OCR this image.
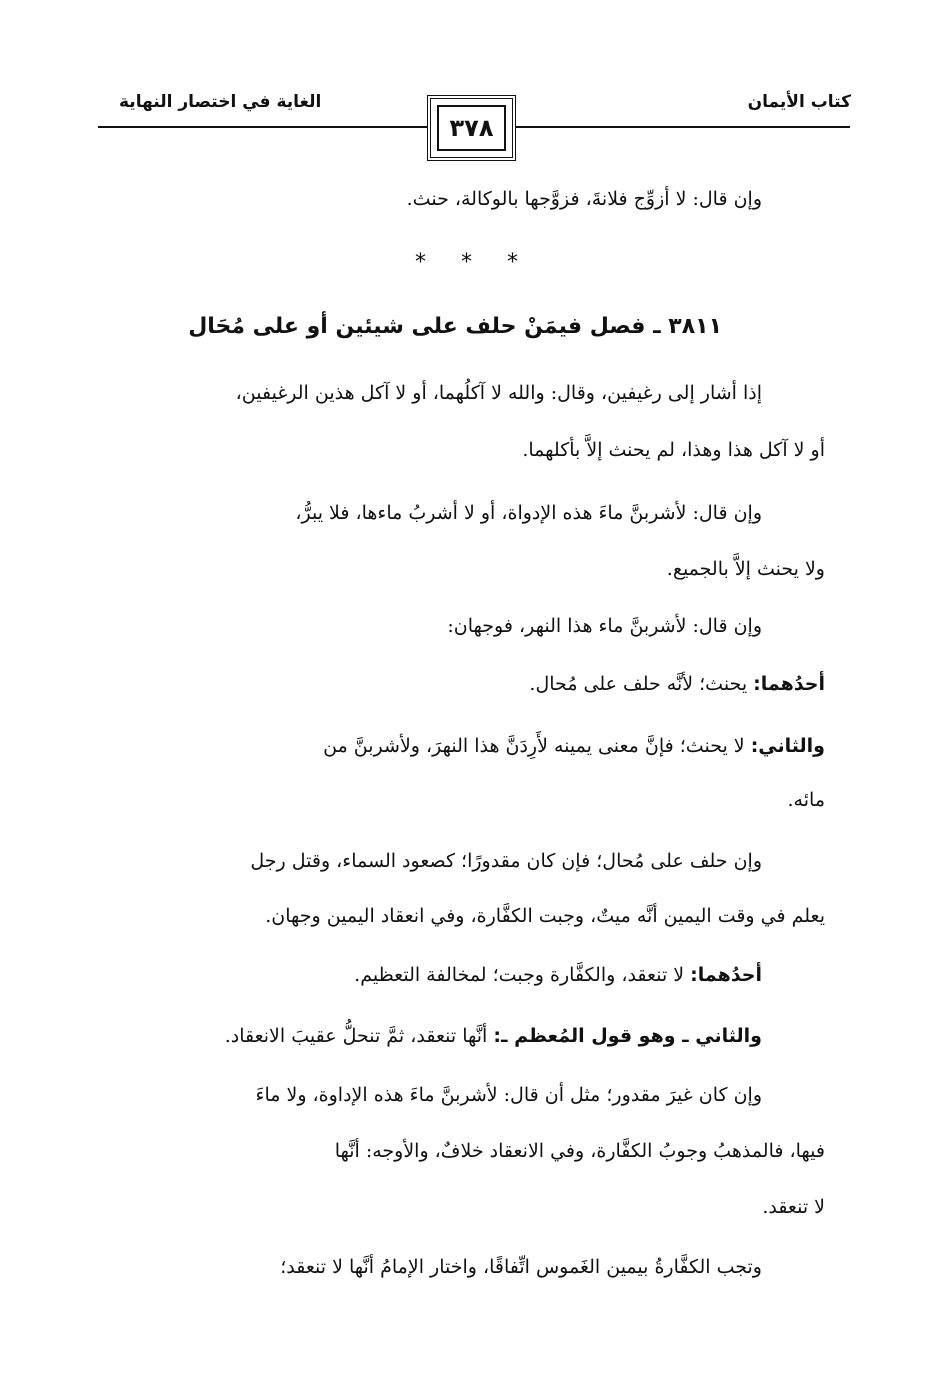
كتاب الأيمان
الغاية في اختصار النهاية
٣٧٨
وإن قال: لا أزوِّج فلانةَ، فزوَّجها بالوكالة، حنث.
* * *
٣٨١١ ـ فصل فيمَنْ حلف على شيئين أو على مُحَال
إذا أشار إلى رغيفين، وقال: والله لا آكلُهما، أو لا آكل هذين الرغيفين،
أو لا آكل هذا وهذا، لم يحنث إلاَّ بأكلهما.
وإن قال: لأشربنَّ ماءَ هذه الإدواة، أو لا أشربُ ماءها، فلا يبرُّ،
ولا يحنث إلاَّ بالجميع.
وإن قال: لأشربنَّ ماء هذا النهر، فوجهان:
أحدُهما: يحنث؛ لأنَّه حلف على مُحال.
والثاني: لا يحنث؛ فإنَّ معنى يمينه لأَرِدَنَّ هذا النهرَ، ولأشربنَّ من
مائه.
وإن حلف على مُحال؛ فإن كان مقدورًا؛ كصعود السماء، وقتل رجل
يعلم في وقت اليمين أنَّه ميتٌ، وجبت الكفَّارة، وفي انعقاد اليمين وجهان.
أحدُهما: لا تنعقد، والكفَّارة وجبت؛ لمخالفة التعظيم.
والثاني ـ وهو قول المُعظم ـ: أنَّها تنعقد، ثمَّ تنحلُّ عقيبَ الانعقاد.
وإن كان غيرَ مقدور؛ مثل أن قال: لأشربنَّ ماءَ هذه الإداوة، ولا ماءَ
فيها، فالمذهبُ وجوبُ الكفَّارة، وفي الانعقاد خلافٌ، والأوجه: أنَّها
لا تنعقد.
وتجب الكفَّارةُ بيمين الغَموس اتِّفاقًا، واختار الإمامُ أنَّها لا تنعقد؛
